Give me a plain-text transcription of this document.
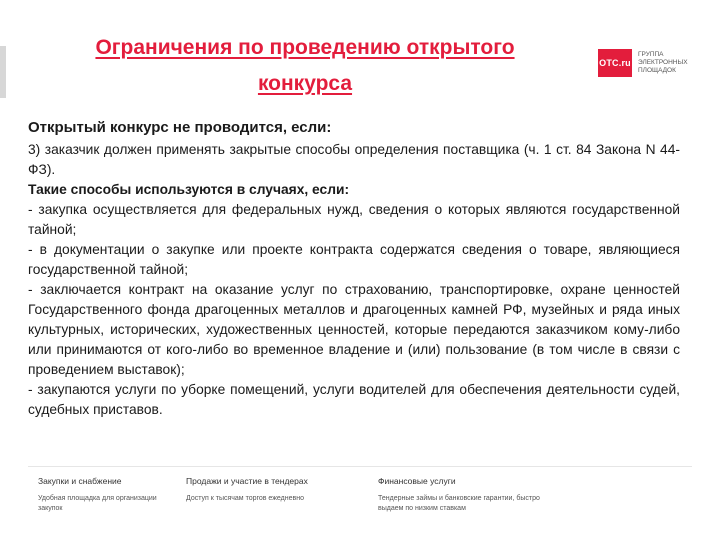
Ограничения по проведению открытого
конкурса
ОТС.ru
ГРУППА
ЭЛЕКТРОННЫХ
ПЛОЩАДОК
Открытый конкурс не проводится, если:

3) заказчик должен применять закрытые способы определения поставщика (ч. 1 ст. 84 Закона N 44-ФЗ).

Такие способы используются в случаях, если:

- закупка осуществляется для федеральных нужд, сведения о которых являются государственной тайной;

- в документации о закупке или проекте контракта содержатся сведения о товаре, являющиеся государственной тайной;

- заключается контракт на оказание услуг по страхованию, транспортировке, охране ценностей Государственного фонда драгоценных металлов и драгоценных камней РФ, музейных и ряда иных культурных, исторических, художественных ценностей, которые передаются заказчиком кому-либо или принимаются от кого-либо во временное владение и (или) пользование (в том числе в связи с проведением выставок);

- закупаются услуги по уборке помещений, услуги водителей для обеспечения деятельности судей, судебных приставов.

Закупки и снабжение
Удобная площадка для организации закупок
Продажи и участие в тендерах
Доступ к тысячам торгов ежедневно
Финансовые услуги
Тендерные займы и банковские гарантии, быстро выдаем по низким ставкам
